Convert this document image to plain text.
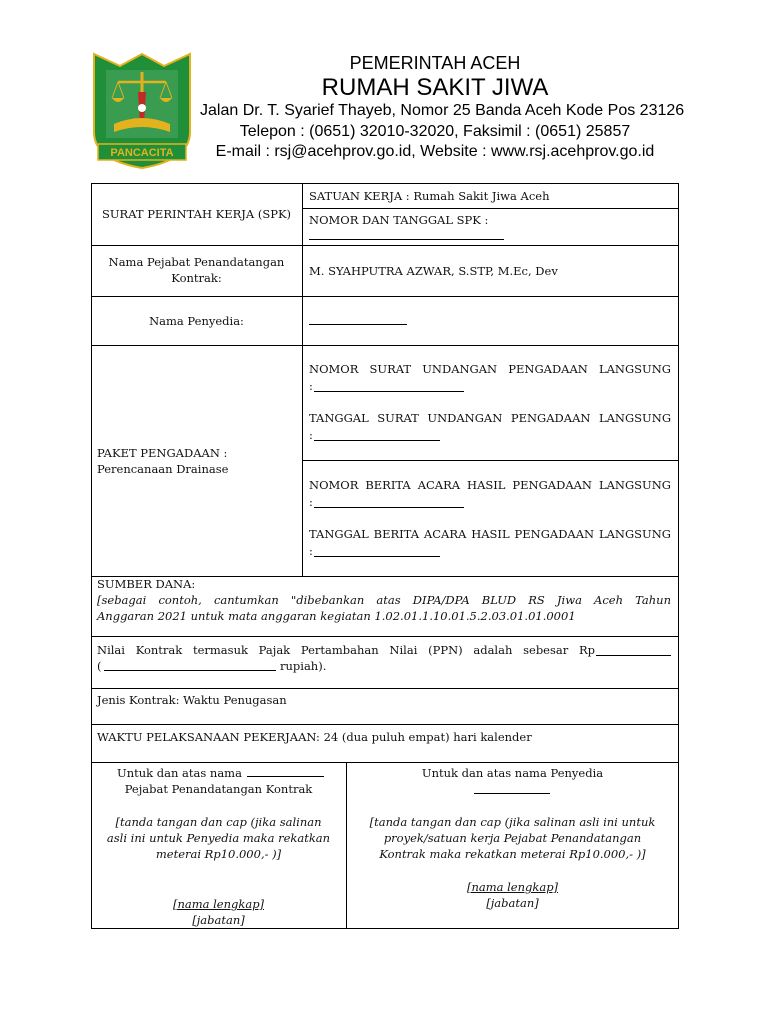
PANCACITA
PEMERINTAH ACEH
RUMAH SAKIT JIWA
Jalan Dr. T. Syarief Thayeb, Nomor 25 Banda Aceh Kode Pos 23126
Telepon : (0651) 32010-32020, Faksimil : (0651) 25857
E-mail : rsj@acehprov.go.id, Website : www.rsj.acehprov.go.id
SURAT PERINTAH KERJA (SPK)
SATUAN KERJA : Rumah Sakit Jiwa Aceh
NOMOR DAN TANGGAL SPK :
Nama Pejabat Penandatangan
Kontrak:	M. SYAHPUTRA AZWAR, S.STP, M.Ec, Dev
Nama Penyedia:
PAKET PENGADAAN :
Perencanaan Drainase
NOMOR SURAT UNDANGAN PENGADAAN LANGSUNG
:
TANGGAL SURAT UNDANGAN PENGADAAN LANGSUNG
:
NOMOR BERITA ACARA HASIL PENGADAAN LANGSUNG
:
TANGGAL BERITA ACARA HASIL PENGADAAN LANGSUNG
:
SUMBER DANA:
[sebagai contoh, cantumkan "dibebankan atas DIPA/DPA BLUD RS Jiwa Aceh Tahun
Anggaran 2021 untuk mata anggaran kegiatan 1.02.01.1.10.01.5.2.03.01.01.0001
Nilai Kontrak termasuk Pajak Pertambahan Nilai (PPN) adalah sebesar Rp
(	rupiah).
Jenis Kontrak: Waktu Penugasan
WAKTU PELAKSANAAN PEKERJAAN: 24 (dua puluh empat) hari kalender
Untuk dan atas nama
Pejabat Penandatangan Kontrak
[tanda tangan dan cap (jika salinan
asli ini untuk Penyedia maka rekatkan
meterai Rp10.000,- )]
[nama lengkap]
[jabatan]
Untuk dan atas nama Penyedia
[tanda tangan dan cap (jika salinan asli ini untuk
proyek/satuan kerja Pejabat Penandatangan
Kontrak maka rekatkan meterai Rp10.000,- )]
[nama lengkap]
[jabatan]
